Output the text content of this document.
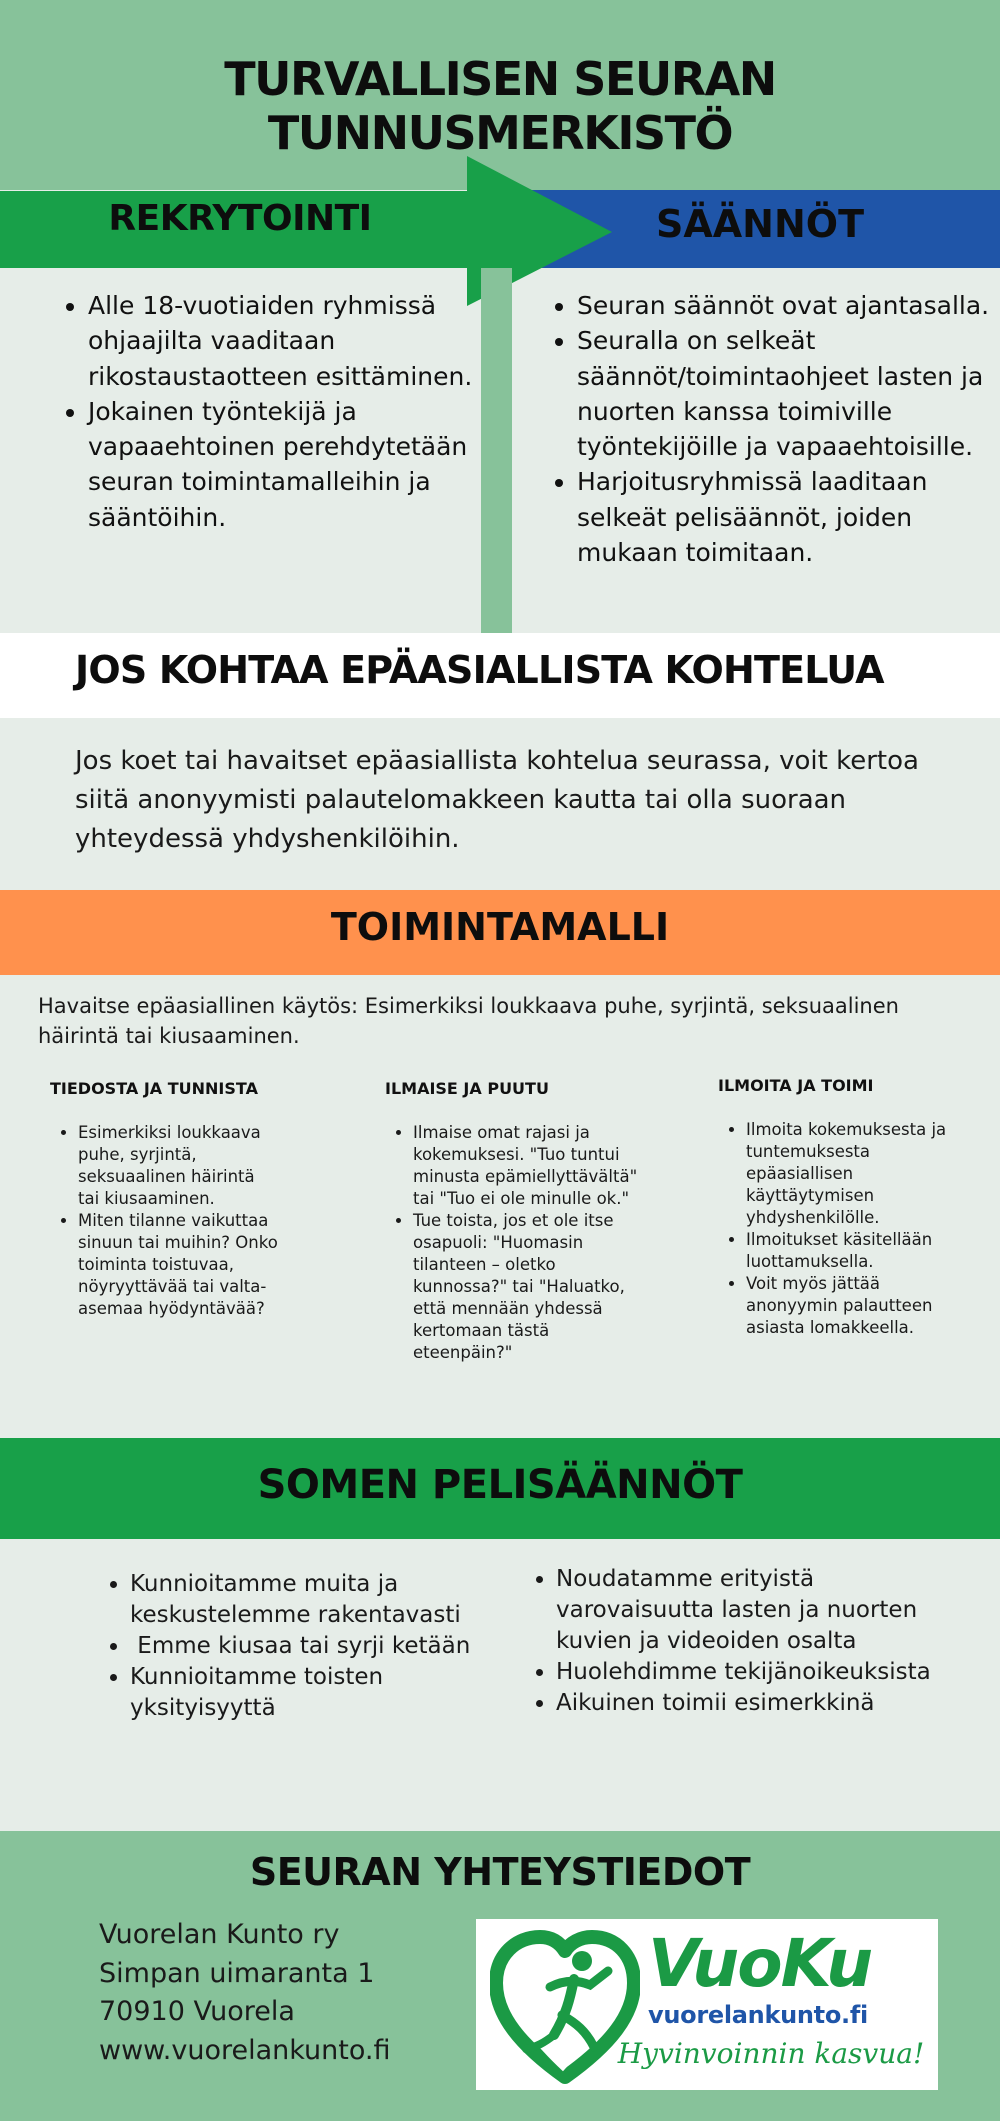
TURVALLISEN SEURAN TUNNUSMERKISTÖ
REKRYTOINTI	SÄÄNNÖT
• Alle 18-vuotiaiden ryhmissä ohjaajilta vaaditaan rikostaustaotteen esittäminen.
• Jokainen työntekijä ja vapaaehtoinen perehdytetään seuran toimintamalleihin ja sääntöihin.
• Seuran säännöt ovat ajantasalla.
• Seuralla on selkeät säännöt/toimintaohjeet lasten ja nuorten kanssa toimiville työntekijöille ja vapaaehtoisille.
• Harjoitusryhmissä laaditaan selkeät pelisäännöt, joiden mukaan toimitaan.
JOS KOHTAA EPÄASIALLISTA KOHTELUA
Jos koet tai havaitset epäasiallista kohtelua seurassa, voit kertoa siitä anonyymisti palautelomakkeen kautta tai olla suoraan yhteydessä yhdyshenkilöihin.
TOIMINTAMALLI
Havaitse epäasiallinen käytös: Esimerkiksi loukkaava puhe, syrjintä, seksuaalinen häirintä tai kiusaaminen.
TIEDOSTA JA TUNNISTA
• Esimerkiksi loukkaava puhe, syrjintä, seksuaalinen häirintä tai kiusaaminen.
• Miten tilanne vaikuttaa sinuun tai muihin? Onko toiminta toistuvaa, nöyryyttävää tai valta-asemaa hyödyntävää?
ILMAISE JA PUUTU
• Ilmaise omat rajasi ja kokemuksesi. "Tuo tuntui minusta epämiellyttävältä" tai "Tuo ei ole minulle ok."
• Tue toista, jos et ole itse osapuoli: "Huomasin tilanteen – oletko kunnossa?" tai "Haluatko, että mennään yhdessä kertomaan tästä eteenpäin?"
ILMOITA JA TOIMI
• Ilmoita kokemuksesta ja tuntemuksesta epäasiallisen käyttäytymisen yhdyshenkilölle.
• Ilmoitukset käsitellään luottamuksella.
• Voit myös jättää anonyymin palautteen asiasta lomakkeella.
SOMEN PELISÄÄNNÖT
• Kunnioitamme muita ja keskustelemme rakentavasti
•  Emme kiusaa tai syrji ketään
• Kunnioitamme toisten yksityisyyttä
• Noudatamme erityistä varovaisuutta lasten ja nuorten kuvien ja videoiden osalta
• Huolehdimme tekijänoikeuksista
• Aikuinen toimii esimerkkinä
SEURAN YHTEYSTIEDOT
Vuorelan Kunto ry
Simpan uimaranta 1
70910 Vuorela
www.vuorelankunto.fi
VuoKu
vuorelankunto.fi
Hyvinvoinnin kasvua!
